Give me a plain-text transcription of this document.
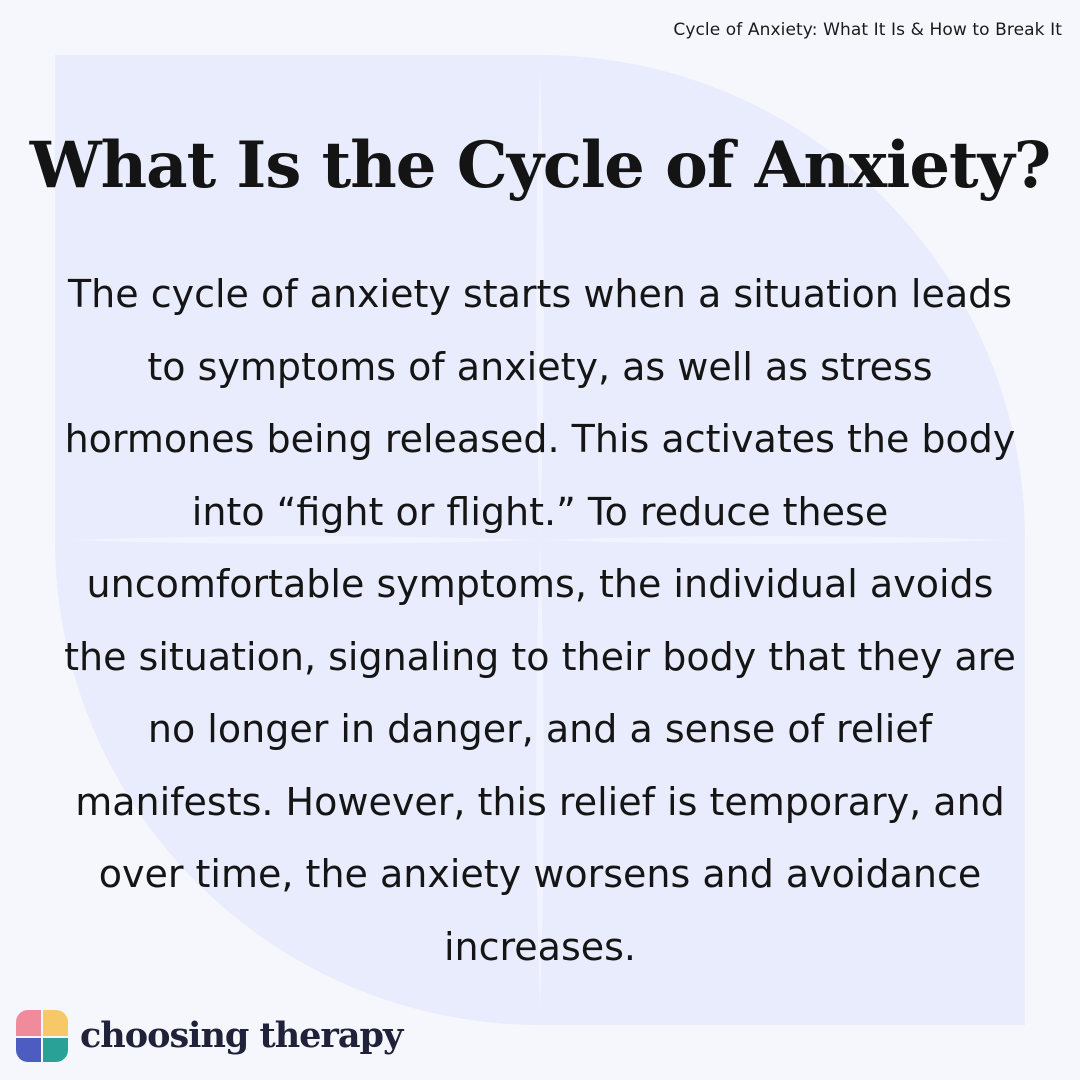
Cycle of Anxiety: What It Is & How to Break It
What Is the Cycle of Anxiety?

The cycle of anxiety starts when a situation leads to symptoms of anxiety, as well as stress hormones being released. This activates the body into “fight or flight.” To reduce these uncomfortable symptoms, the individual avoids the situation, signaling to their body that they are no longer in danger, and a sense of relief manifests. However, this relief is temporary, and over time, the anxiety worsens and avoidance increases.

choosing therapy
